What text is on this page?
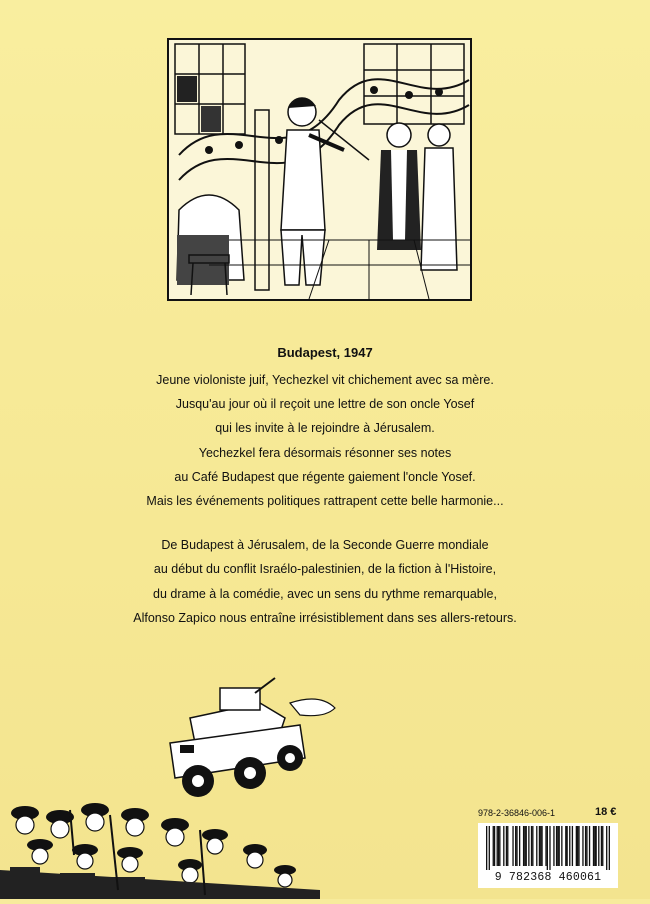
Budapest, 1947

Jeune violoniste juif, Yechezkel vit chichement avec sa mère.

Jusqu'au jour où il reçoit une lettre de son oncle Yosef

qui les invite à le rejoindre à Jérusalem.

Yechezkel fera désormais résonner ses notes

au Café Budapest que régente gaiement l'oncle Yosef.

Mais les événements politiques rattrapent cette belle harmonie...

De Budapest à Jérusalem, de la Seconde Guerre mondiale

au début du conflit Israélo-palestinien, de la fiction à l'Histoire,

du drame à la comédie, avec un sens du rythme remarquable,

Alfonso Zapico nous entraîne irrésistiblement dans ses allers-retours.

978-2-36846-006-1	18 €
9 782368 460061
